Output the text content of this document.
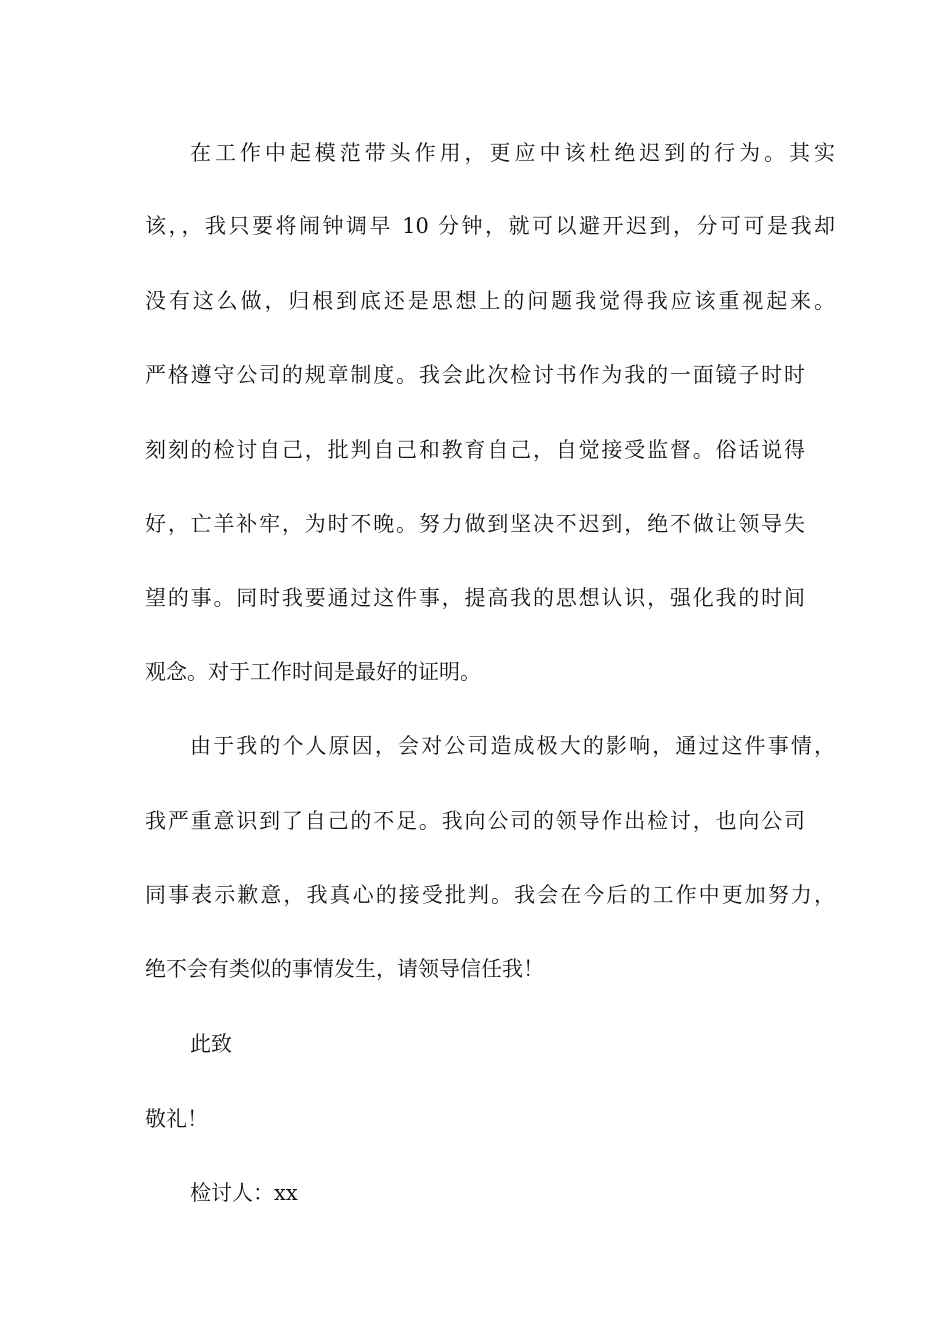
在工作中起模范带头作用，更应中该杜绝迟到的行为。其实
该，，我只要将闹钟调早 10 分钟，就可以避开迟到，分可可是我却
没有这么做，归根到底还是思想上的问题我觉得我应该重视起来。
严格遵守公司的规章制度。我会此次检讨书作为我的一面镜子时时
刻刻的检讨自己，批判自己和教育自己，自觉接受监督。俗话说得
好，亡羊补牢，为时不晚。努力做到坚决不迟到，绝不做让领导失
望的事。同时我要通过这件事，提高我的思想认识，强化我的时间
观念。对于工作时间是最好的证明。
由于我的个人原因，会对公司造成极大的影响，通过这件事情，
我严重意识到了自己的不足。我向公司的领导作出检讨，也向公司
同事表示歉意，我真心的接受批判。我会在今后的工作中更加努力，
绝不会有类似的事情发生，请领导信任我！
此致
敬礼！
检讨人：xx
